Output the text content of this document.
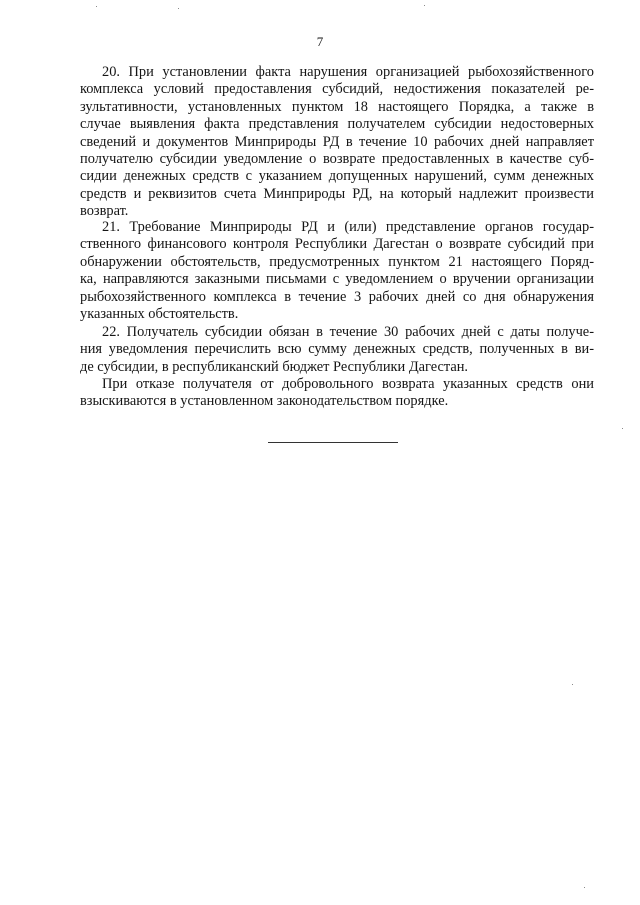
7
20. При установлении факта нарушения организацией рыбохозяйственного
комплекса условий предоставления субсидий, недостижения показателей ре-
зультативности, установленных пунктом 18 настоящего Порядка, а также в
случае выявления факта представления получателем субсидии недостоверных
сведений и документов Минприроды РД в течение 10 рабочих дней направляет
получателю субсидии уведомление о возврате предоставленных в качестве суб-
сидии денежных средств с указанием допущенных нарушений, сумм денежных
средств и реквизитов счета Минприроды РД, на который надлежит произвести
возврат.
21. Требование Минприроды РД и (или) представление органов государ-
ственного финансового контроля Республики Дагестан о возврате субсидий при
обнаружении обстоятельств, предусмотренных пунктом 21 настоящего Поряд-
ка, направляются заказными письмами с уведомлением о вручении организации
рыбохозяйственного комплекса в течение 3 рабочих дней со дня обнаружения
указанных обстоятельств.
22. Получатель субсидии обязан в течение 30 рабочих дней с даты получе-
ния уведомления перечислить всю сумму денежных средств, полученных в ви-
де субсидии, в республиканский бюджет Республики Дагестан.
При отказе получателя от добровольного возврата указанных средств они
взыскиваются в установленном законодательством порядке.
